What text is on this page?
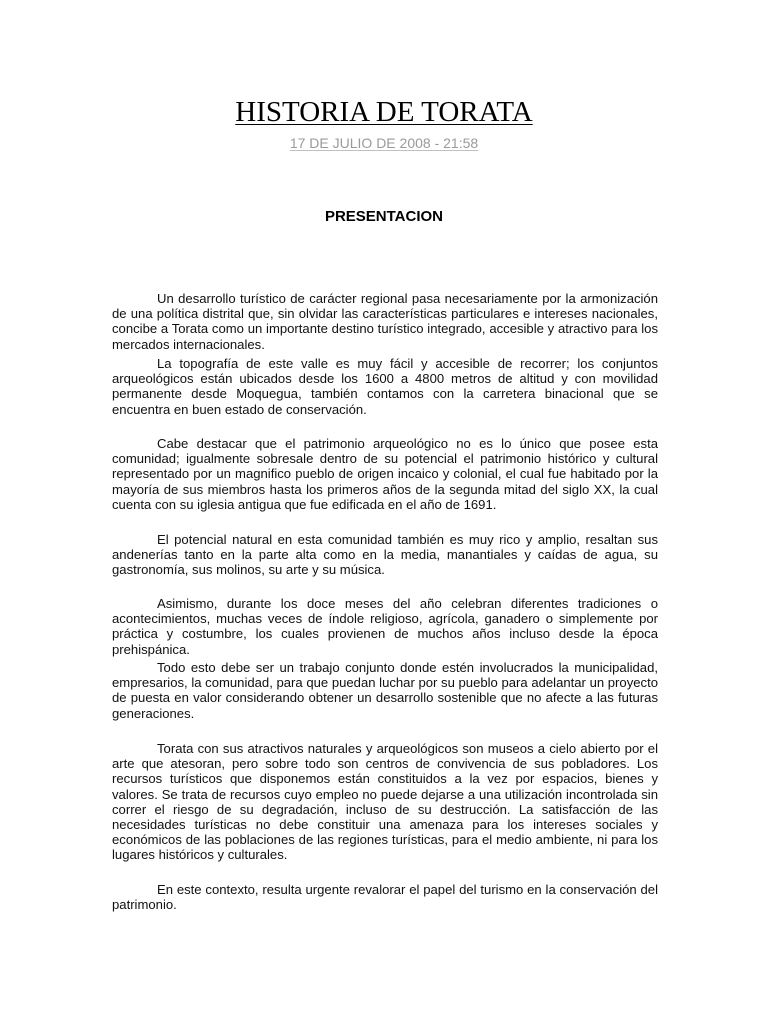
HISTORIA DE TORATA
17 DE JULIO DE 2008 - 21:58
PRESENTACION

Un desarrollo turístico de carácter regional pasa necesariamente por la armonización de una política distrital que, sin olvidar las características particulares e intereses nacionales, concibe a Torata como un importante destino turístico integrado, accesible y atractivo para los mercados internacionales.

La topografía de este valle es muy fácil y accesible de recorrer; los conjuntos arqueológicos están ubicados desde los 1600 a 4800 metros de altitud y con movilidad permanente desde Moquegua, también contamos con la carretera binacional que se encuentra en buen estado de conservación.

Cabe destacar que el patrimonio arqueológico no es lo único que posee esta comunidad; igualmente sobresale dentro de su potencial el patrimonio histórico y cultural representado por un magnifico pueblo de origen incaico y colonial, el cual fue habitado por la mayoría de sus miembros hasta los primeros años de la segunda mitad del siglo XX, la cual cuenta con su iglesia antigua que fue edificada en el año de 1691.

El potencial natural en esta comunidad también es muy rico y amplio, resaltan sus andenerías tanto en la parte alta como en la media, manantiales y caídas de agua, su gastronomía, sus molinos, su arte y su música.

Asimismo, durante los doce meses del año celebran diferentes tradiciones o acontecimientos, muchas veces de índole religioso, agrícola, ganadero o simplemente por práctica y costumbre, los cuales provienen de muchos años incluso desde la época prehispánica.

Todo esto debe ser un trabajo conjunto donde estén involucrados la municipalidad, empresarios, la comunidad, para que puedan luchar por su pueblo para adelantar un proyecto de puesta en valor considerando obtener un desarrollo sostenible que no afecte a las futuras generaciones.

Torata con sus atractivos naturales y arqueológicos son museos a cielo abierto por el arte que atesoran, pero sobre todo son centros de convivencia de sus pobladores. Los recursos turísticos que disponemos están constituidos a la vez por espacios, bienes y valores. Se trata de recursos cuyo empleo no puede dejarse a una utilización incontrolada sin correr el riesgo de su degradación, incluso de su destrucción. La satisfacción de las necesidades turísticas no debe constituir una amenaza para los intereses sociales y económicos de las poblaciones de las regiones turísticas, para el medio ambiente, ni para los lugares históricos y culturales.

En este contexto, resulta urgente revalorar el papel del turismo en la conservación del patrimonio.
